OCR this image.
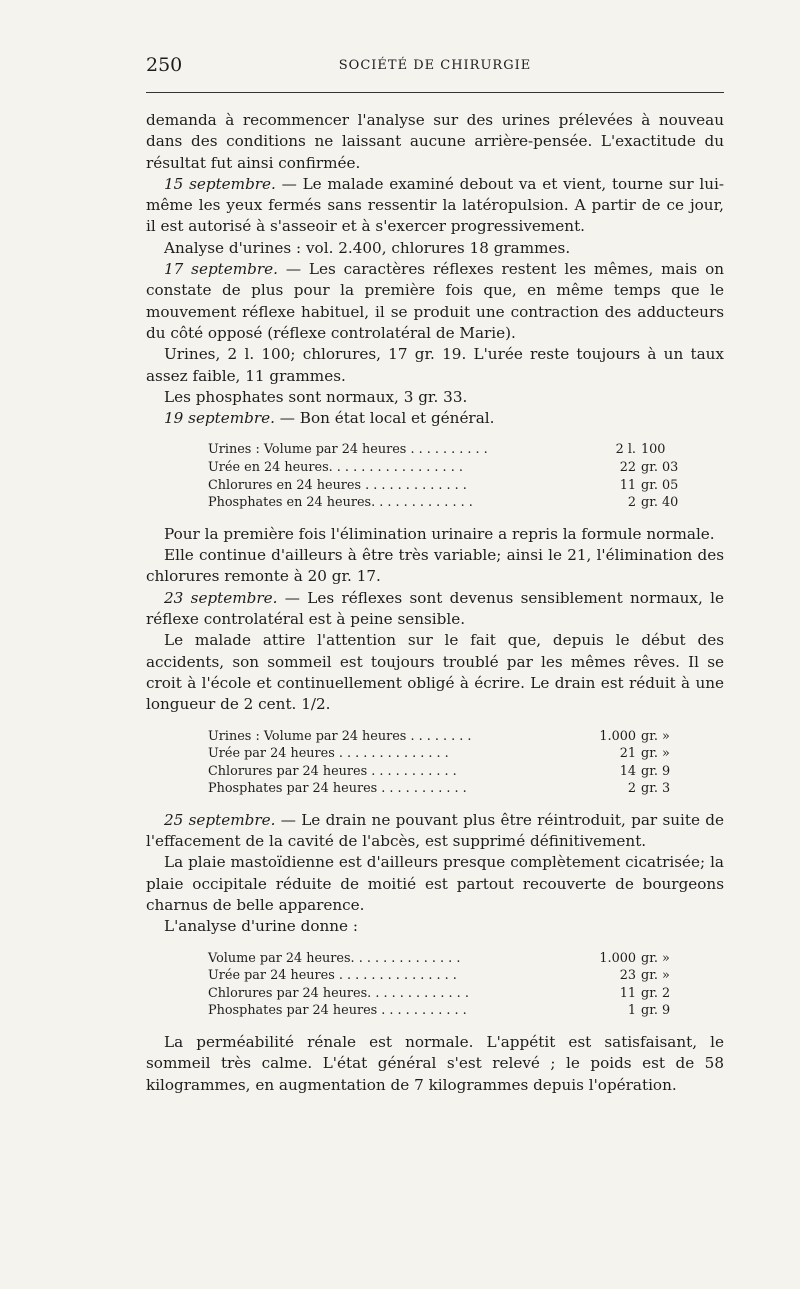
250	SOCIÉTÉ DE CHIRURGIE

demanda à recommencer l'analyse sur des urines prélevées à nouveau dans des conditions ne laissant aucune arrière-pensée. L'exactitude du résultat fut ainsi confirmée.

15 septembre. — Le malade examiné debout va et vient, tourne sur lui-même les yeux fermés sans ressentir la latéropulsion. A partir de ce jour, il est autorisé à s'asseoir et à s'exercer progressivement.

Analyse d'urines : vol. 2.400, chlorures 18 grammes.

17 septembre. — Les caractères réflexes restent les mêmes, mais on constate de plus pour la première fois que, en même temps que le mouvement réflexe habituel, il se produit une contraction des adducteurs du côté opposé (réflexe controlatéral de Marie).

Urines, 2 l. 100; chlorures, 17 gr. 19. L'urée reste toujours à un taux assez faible, 11 grammes.

Les phosphates sont normaux, 3 gr. 33.

19 septembre. — Bon état local et général.

Urines : Volume par 24 heures . . . . . . . . . .	2 l.	100
Urée en 24 heures. . . . . . . . . . . . . . . . .	22	gr. 03
Chlorures en 24 heures . . . . . . . . . . . . .	11	gr. 05
Phosphates en 24 heures. . . . . . . . . . . . .	2	gr. 40

Pour la première fois l'élimination urinaire a repris la formule normale.

Elle continue d'ailleurs à être très variable; ainsi le 21, l'élimination des chlorures remonte à 20 gr. 17.

23 septembre. — Les réflexes sont devenus sensiblement normaux, le réflexe controlatéral est à peine sensible.

Le malade attire l'attention sur le fait que, depuis le début des accidents, son sommeil est toujours troublé par les mêmes rêves. Il se croit à l'école et continuellement obligé à écrire. Le drain est réduit à une longueur de 2 cent. 1/2.

Urines : Volume par 24 heures . . . . . . . .	1.000	gr. »
Urée par 24 heures . . . . . . . . . . . . . .	21	gr. »
Chlorures par 24 heures . . . . . . . . . . .	14	gr. 9
Phosphates par 24 heures . . . . . . . . . . .	2	gr. 3

25 septembre. — Le drain ne pouvant plus être réintroduit, par suite de l'effacement de la cavité de l'abcès, est supprimé définitivement.

La plaie mastoïdienne est d'ailleurs presque complètement cicatrisée; la plaie occipitale réduite de moitié est partout recouverte de bourgeons charnus de belle apparence.

L'analyse d'urine donne :

Volume par 24 heures. . . . . . . . . . . . . .	1.000	gr. »
Urée par 24 heures . . . . . . . . . . . . . . .	23	gr. »
Chlorures par 24 heures. . . . . . . . . . . . .	11	gr. 2
Phosphates par 24 heures . . . . . . . . . . .	1	gr. 9

La perméabilité rénale est normale. L'appétit est satisfaisant, le sommeil très calme. L'état général s'est relevé ; le poids est de 58 kilogrammes, en augmentation de 7 kilogrammes depuis l'opération.
